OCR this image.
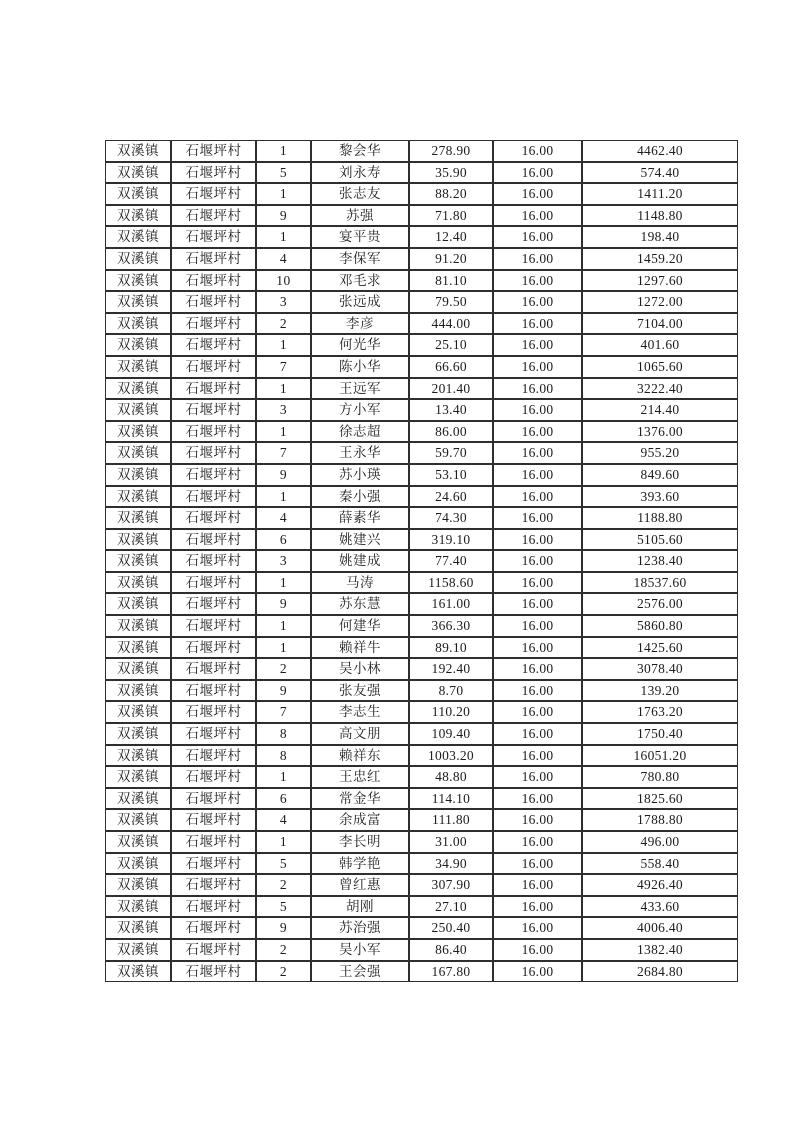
双溪镇	石堰坪村	1	黎会华	278.90	16.00	4462.40
双溪镇	石堰坪村	5	刘永寿	35.90	16.00	574.40
双溪镇	石堰坪村	1	张志友	88.20	16.00	1411.20
双溪镇	石堰坪村	9	苏强	71.80	16.00	1148.80
双溪镇	石堰坪村	1	宴平贵	12.40	16.00	198.40
双溪镇	石堰坪村	4	李保军	91.20	16.00	1459.20
双溪镇	石堰坪村	10	邓毛求	81.10	16.00	1297.60
双溪镇	石堰坪村	3	张远成	79.50	16.00	1272.00
双溪镇	石堰坪村	2	李彦	444.00	16.00	7104.00
双溪镇	石堰坪村	1	何光华	25.10	16.00	401.60
双溪镇	石堰坪村	7	陈小华	66.60	16.00	1065.60
双溪镇	石堰坪村	1	王远军	201.40	16.00	3222.40
双溪镇	石堰坪村	3	方小军	13.40	16.00	214.40
双溪镇	石堰坪村	1	徐志超	86.00	16.00	1376.00
双溪镇	石堰坪村	7	王永华	59.70	16.00	955.20
双溪镇	石堰坪村	9	苏小瑛	53.10	16.00	849.60
双溪镇	石堰坪村	1	秦小强	24.60	16.00	393.60
双溪镇	石堰坪村	4	薛素华	74.30	16.00	1188.80
双溪镇	石堰坪村	6	姚建兴	319.10	16.00	5105.60
双溪镇	石堰坪村	3	姚建成	77.40	16.00	1238.40
双溪镇	石堰坪村	1	马涛	1158.60	16.00	18537.60
双溪镇	石堰坪村	9	苏东慧	161.00	16.00	2576.00
双溪镇	石堰坪村	1	何建华	366.30	16.00	5860.80
双溪镇	石堰坪村	1	赖祥牛	89.10	16.00	1425.60
双溪镇	石堰坪村	2	吴小林	192.40	16.00	3078.40
双溪镇	石堰坪村	9	张友强	8.70	16.00	139.20
双溪镇	石堰坪村	7	李志生	110.20	16.00	1763.20
双溪镇	石堰坪村	8	高文朋	109.40	16.00	1750.40
双溪镇	石堰坪村	8	赖祥东	1003.20	16.00	16051.20
双溪镇	石堰坪村	1	王忠红	48.80	16.00	780.80
双溪镇	石堰坪村	6	常金华	114.10	16.00	1825.60
双溪镇	石堰坪村	4	余成富	111.80	16.00	1788.80
双溪镇	石堰坪村	1	李长明	31.00	16.00	496.00
双溪镇	石堰坪村	5	韩学艳	34.90	16.00	558.40
双溪镇	石堰坪村	2	曾红惠	307.90	16.00	4926.40
双溪镇	石堰坪村	5	胡刚	27.10	16.00	433.60
双溪镇	石堰坪村	9	苏治强	250.40	16.00	4006.40
双溪镇	石堰坪村	2	吴小军	86.40	16.00	1382.40
双溪镇	石堰坪村	2	王会强	167.80	16.00	2684.80
